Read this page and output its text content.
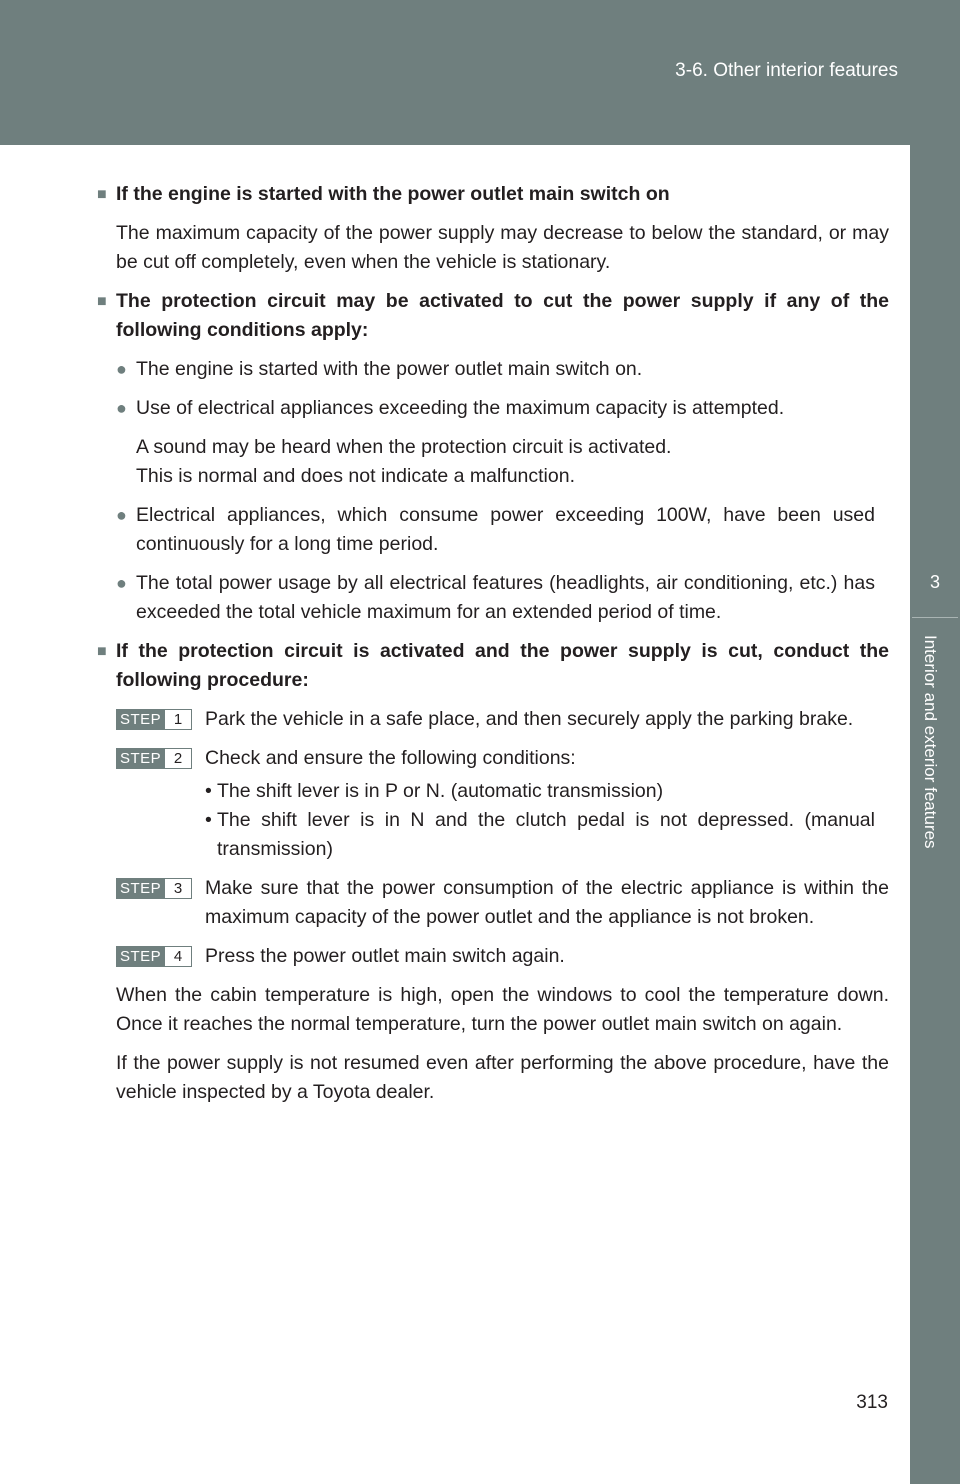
3-6. Other interior features
3
Interior and exterior features
■ If the engine is started with the power outlet main switch on
The maximum capacity of the power supply may decrease to below the standard, or may be cut off completely, even when the vehicle is stationary.
■ The protection circuit may be activated to cut the power supply if any of the following conditions apply:
● The engine is started with the power outlet main switch on.
● Use of electrical appliances exceeding the maximum capacity is attempted.
A sound may be heard when the protection circuit is activated.
This is normal and does not indicate a malfunction.
● Electrical appliances, which consume power exceeding 100W, have been used continuously for a long time period.
● The total power usage by all electrical features (headlights, air conditioning, etc.) has exceeded the total vehicle maximum for an extended period of time.
■ If the protection circuit is activated and the power supply is cut, conduct the following procedure:
STEP 1	Park the vehicle in a safe place, and then securely apply the parking brake.
STEP 2	Check and ensure the following conditions:
• The shift lever is in P or N. (automatic transmission)
• The shift lever is in N and the clutch pedal is not depressed. (manual transmission)
STEP 3	Make sure that the power consumption of the electric appliance is within the maximum capacity of the power outlet and the appliance is not broken.
STEP 4	Press the power outlet main switch again.
When the cabin temperature is high, open the windows to cool the temperature down. Once it reaches the normal temperature, turn the power outlet main switch on again.
If the power supply is not resumed even after performing the above procedure, have the vehicle inspected by a Toyota dealer.
313
